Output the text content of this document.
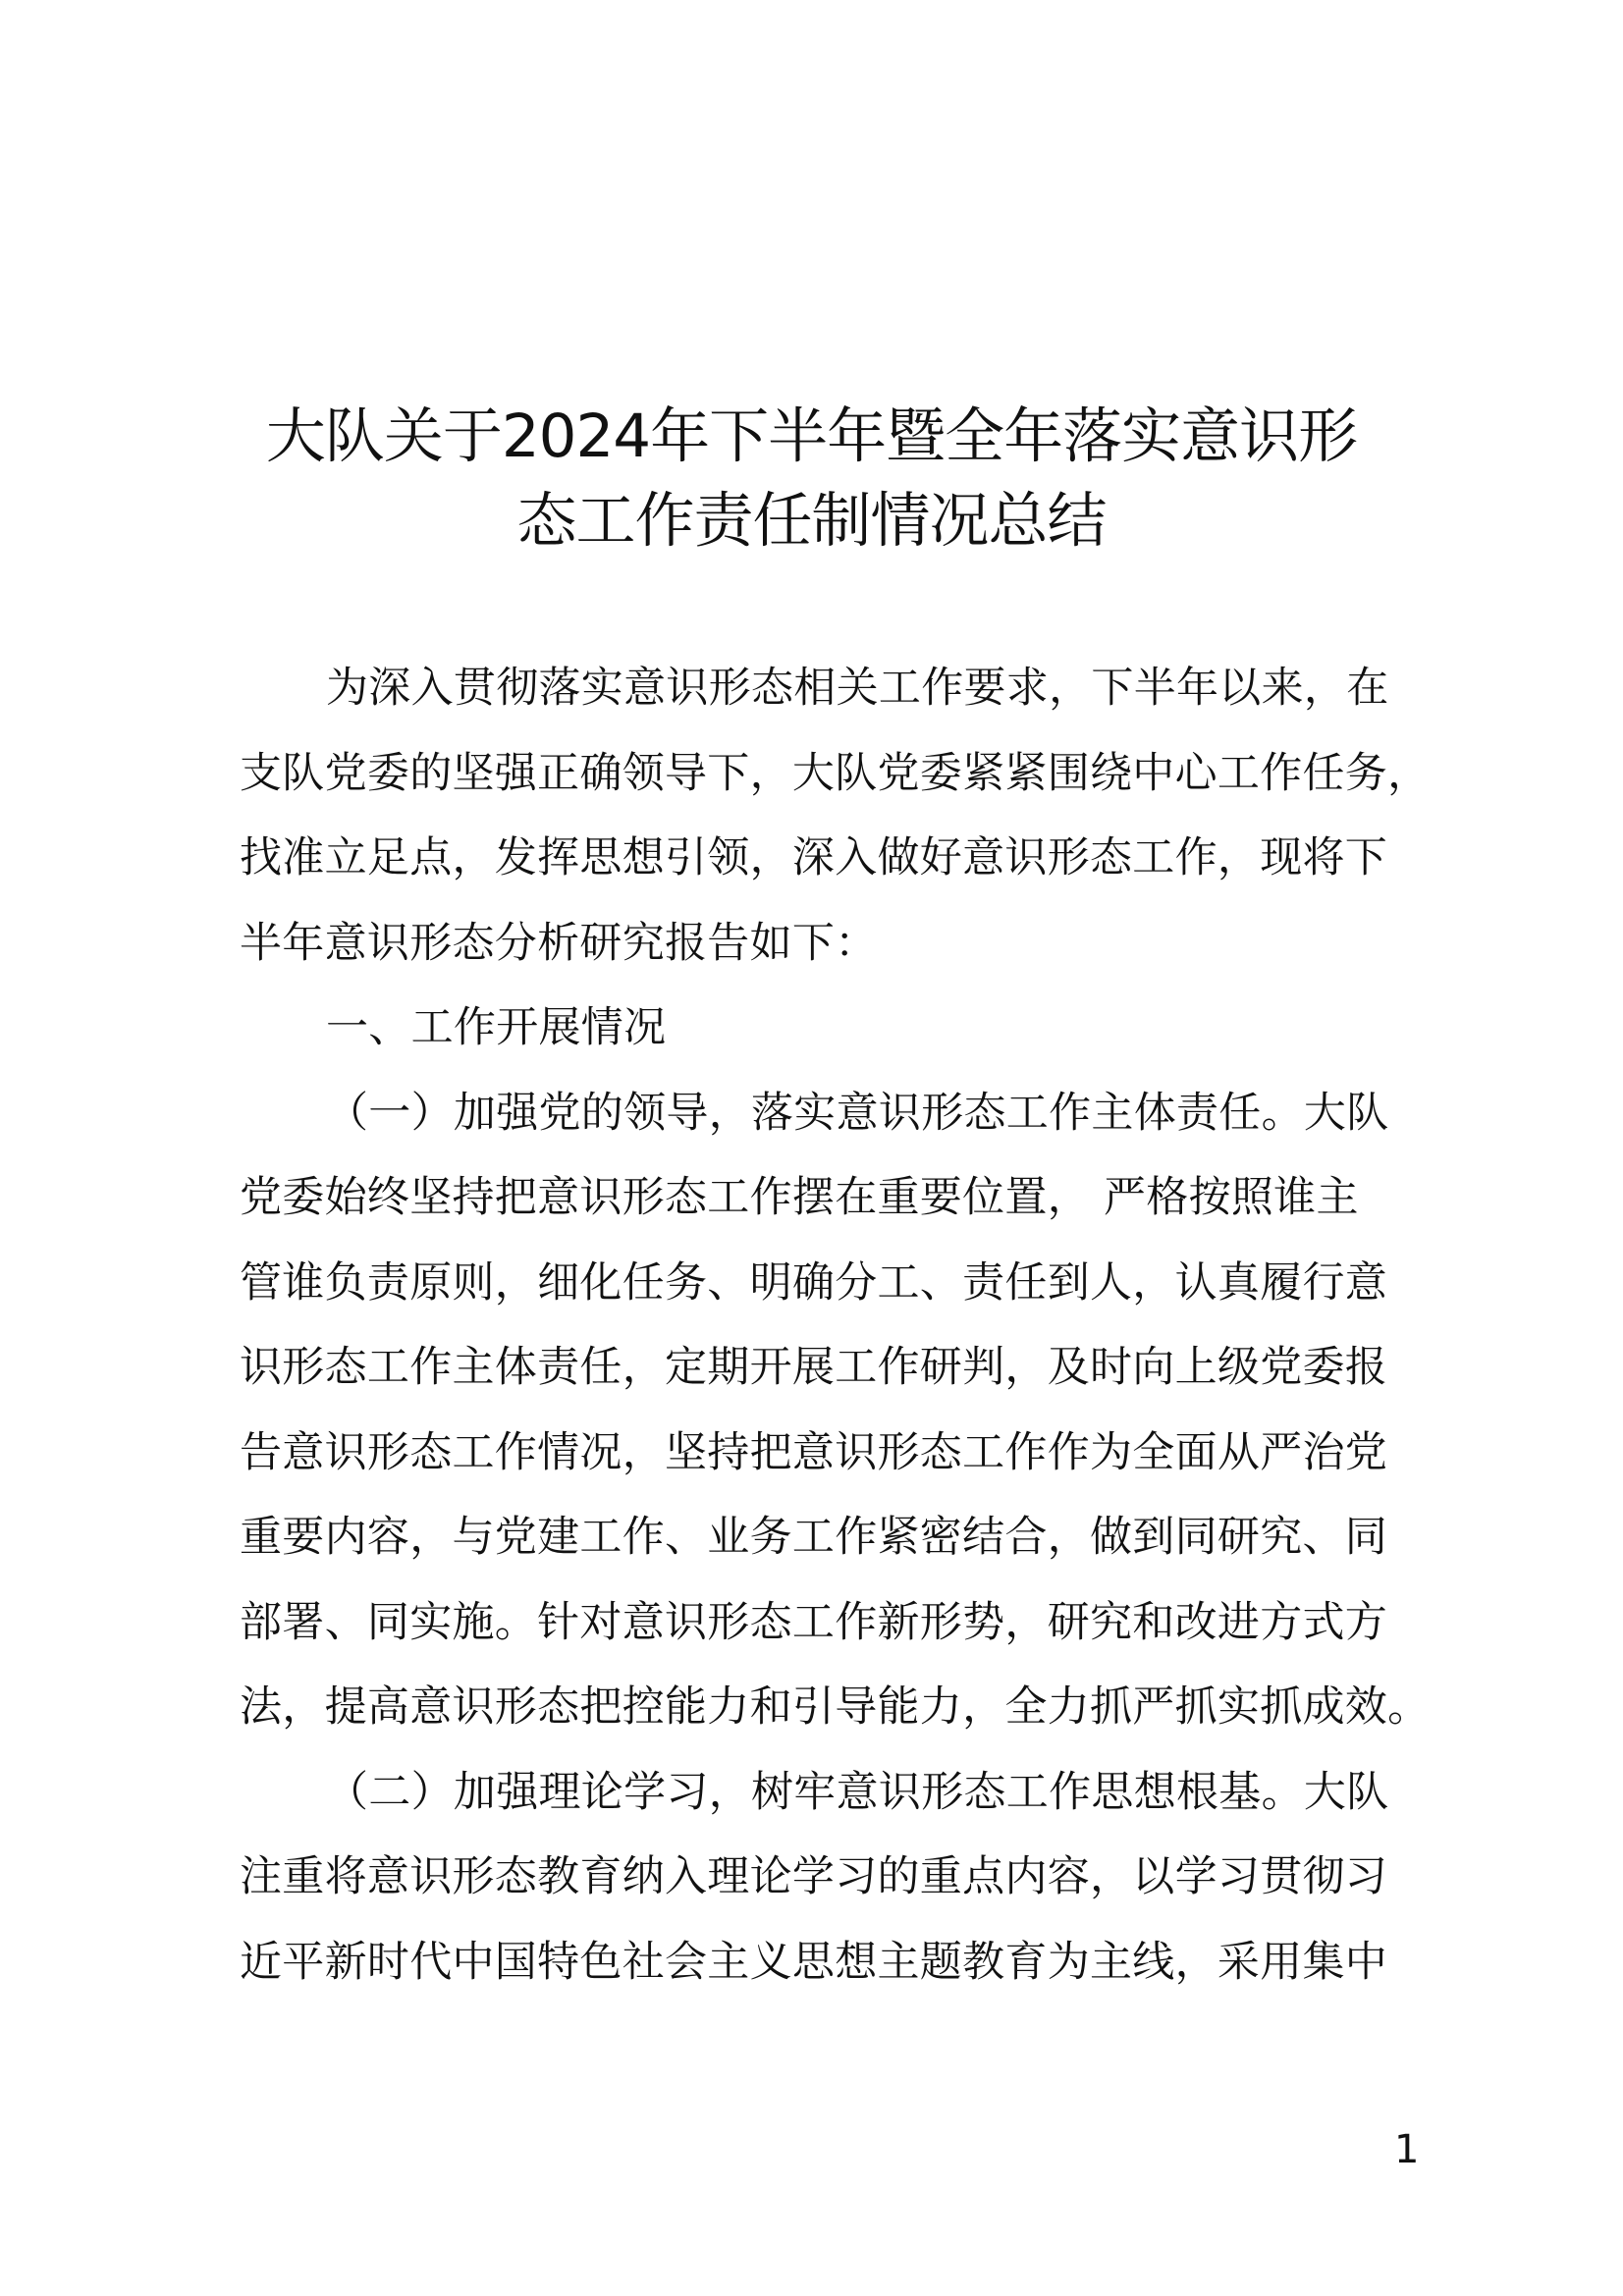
大队关于2024年下半年暨全年落实意识形
态工作责任制情况总结

为深入贯彻落实意识形态相关工作要求，下半年以来，在
支队党委的坚强正确领导下，大队党委紧紧围绕中心工作任务，
找准立足点，发挥思想引领，深入做好意识形态工作，现将下
半年意识形态分析研究报告如下：

一、工作开展情况

（一）加强党的领导，落实意识形态工作主体责任。大队
党委始终坚持把意识形态工作摆在重要位置， 严格按照谁主
管谁负责原则，细化任务、明确分工、责任到人，认真履行意
识形态工作主体责任，定期开展工作研判，及时向上级党委报
告意识形态工作情况，坚持把意识形态工作作为全面从严治党
重要内容，与党建工作、业务工作紧密结合，做到同研究、同
部署、同实施。针对意识形态工作新形势，研究和改进方式方
法，提高意识形态把控能力和引导能力，全力抓严抓实抓成效。

（二）加强理论学习，树牢意识形态工作思想根基。大队
注重将意识形态教育纳入理论学习的重点内容，以学习贯彻习
近平新时代中国特色社会主义思想主题教育为主线，采用集中

1
